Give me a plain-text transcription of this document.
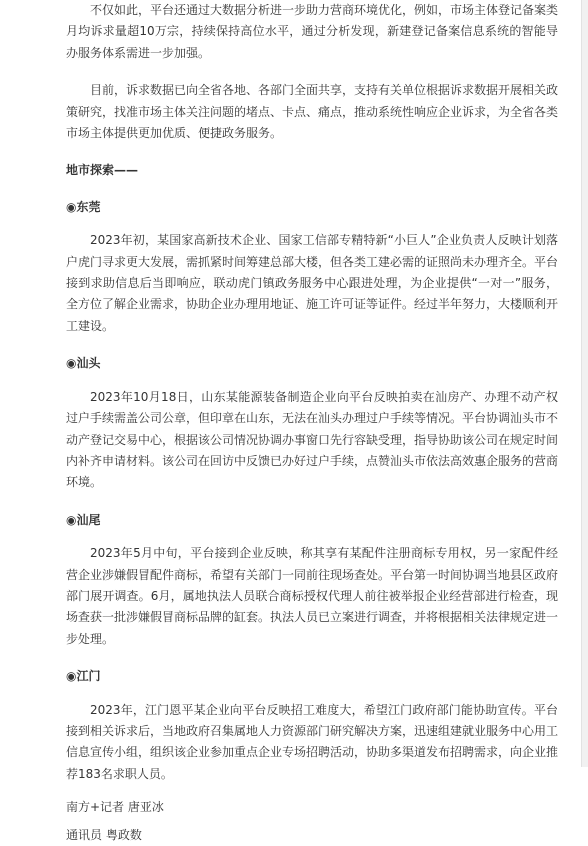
不仅如此，平台还通过大数据分析进一步助力营商环境优化，例如，市场主体登记备案类月均诉求量超10万宗，持续保持高位水平，通过分析发现，新建登记备案信息系统的智能导办服务体系需进一步加强。

目前，诉求数据已向全省各地、各部门全面共享，支持有关单位根据诉求数据开展相关政策研究，找准市场主体关注问题的堵点、卡点、痛点，推动系统性响应企业诉求，为全省各类市场主体提供更加优质、便捷政务服务。

地市探索——

◉东莞

2023年初，某国家高新技术企业、国家工信部专精特新“小巨人”企业负责人反映计划落户虎门寻求更大发展，需抓紧时间筹建总部大楼，但各类工建必需的证照尚未办理齐全。平台接到求助信息后当即响应，联动虎门镇政务服务中心跟进处理，为企业提供“一对一”服务，全方位了解企业需求，协助企业办理用地证、施工许可证等证件。经过半年努力，大楼顺利开工建设。

◉汕头

2023年10月18日，山东某能源装备制造企业向平台反映拍卖在汕房产、办理不动产权过户手续需盖公司公章，但印章在山东，无法在汕头办理过户手续等情况。平台协调汕头市不动产登记交易中心，根据该公司情况协调办事窗口先行容缺受理，指导协助该公司在规定时间内补齐申请材料。该公司在回访中反馈已办好过户手续，点赞汕头市依法高效惠企服务的营商环境。

◉汕尾

2023年5月中旬，平台接到企业反映，称其享有某配件注册商标专用权，另一家配件经营企业涉嫌假冒配件商标，希望有关部门一同前往现场查处。平台第一时间协调当地县区政府部门展开调查。6月，属地执法人员联合商标授权代理人前往被举报企业经营部进行检查，现场查获一批涉嫌假冒商标品牌的缸套。执法人员已立案进行调查，并将根据相关法律规定进一步处理。

◉江门

2023年，江门恩平某企业向平台反映招工难度大，希望江门政府部门能协助宣传。平台接到相关诉求后，当地政府召集属地人力资源部门研究解决方案，迅速组建就业服务中心用工信息宣传小组，组织该企业参加重点企业专场招聘活动，协助多渠道发布招聘需求，向企业推荐183名求职人员。

南方+记者 唐亚冰

通讯员 粤政数
